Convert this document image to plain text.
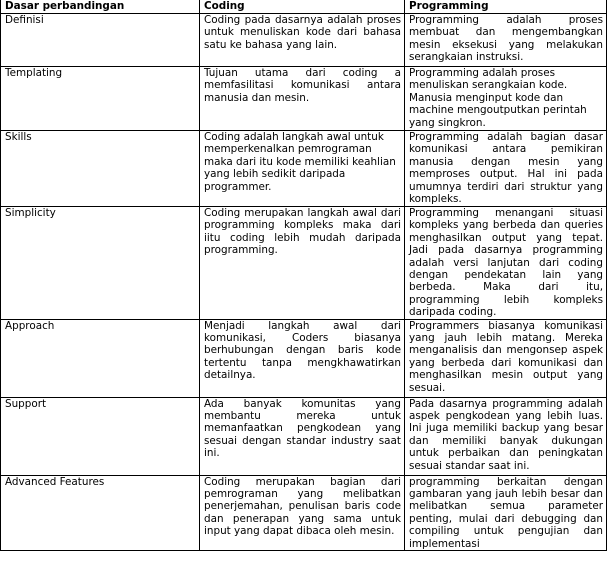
Dasar perbandingan	Coding	Programming
Definisi	Coding pada dasarnya adalah proses untuk menuliskan kode dari bahasa satu ke bahasa yang lain.	Programming adalah proses membuat dan mengembangkan mesin eksekusi yang melakukan serangkaian instruksi.
Templating	Tujuan utama dari coding a memfasilitasi komunikasi antara manusia dan mesin.	Programming adalah proses menuliskan serangkaian kode. Manusia menginput kode dan machine mengoutputkan perintah yang singkron.
Skills	Coding adalah langkah awal untuk memperkenalkan pemrograman maka dari itu kode memiliki keahlian yang lebih sedikit daripada programmer.	Programming adalah bagian dasar komunikasi antara pemikiran manusia dengan mesin yang memproses output. Hal ini pada umumnya terdiri dari struktur yang kompleks.
Simplicity	Coding merupakan langkah awal dari programming kompleks maka dari iitu coding lebih mudah daripada programming.	Programming menangani situasi kompleks yang berbeda dan queries menghasilkan output yang tepat. Jadi pada dasarnya programming adalah versi lanjutan dari coding dengan pendekatan lain yang berbeda. Maka dari itu, programming lebih kompleks daripada coding.
Approach	Menjadi langkah awal dari komunikasi, Coders biasanya berhubungan dengan baris kode tertentu tanpa mengkhawatirkan detailnya.	Programmers biasanya komunikasi yang jauh lebih matang. Mereka menganalisis dan mengonsep aspek yang berbeda dari komunikasi dan menghasilkan mesin output yang sesuai.
Support	Ada banyak komunitas yang membantu mereka untuk memanfaatkan pengkodean yang sesuai dengan standar industry saat ini.	Pada dasarnya programming adalah aspek pengkodean yang lebih luas. Ini juga memiliki backup yang besar dan memiliki banyak dukungan untuk perbaikan dan peningkatan sesuai standar saat ini.
Advanced Features	Coding merupakan bagian dari pemrograman yang melibatkan penerjemahan, penulisan baris code dan penerapan yang sama untuk input yang dapat dibaca oleh mesin.	programming berkaitan dengan gambaran yang jauh lebih besar dan melibatkan semua parameter penting, mulai dari debugging dan compiling untuk pengujian dan implementasi
